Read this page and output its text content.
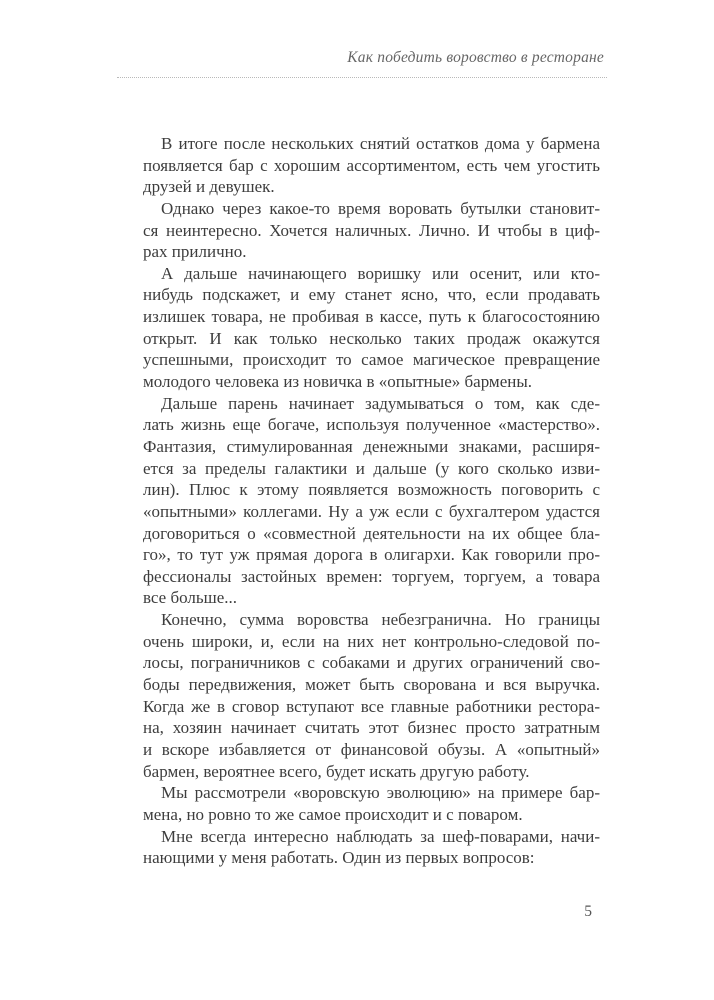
Как победить воровство в ресторане
В итоге после нескольких снятий остатков дома у бармена
появляется бар с хорошим ассортиментом, есть чем угостить
друзей и девушек.
Однако через какое-то время воровать бутылки становит-
ся неинтересно. Хочется наличных. Лично. И чтобы в циф-
рах прилично.
А дальше начинающего воришку или осенит, или кто-
нибудь подскажет, и ему станет ясно, что, если продавать
излишек товара, не пробивая в кассе, путь к благосостоянию
открыт. И как только несколько таких продаж окажутся
успешными, происходит то самое магическое превращение
молодого человека из новичка в «опытные» бармены.
Дальше парень начинает задумываться о том, как сде-
лать жизнь еще богаче, используя полученное «мастерство».
Фантазия, стимулированная денежными знаками, расширя-
ется за пределы галактики и дальше (у кого сколько изви-
лин). Плюс к этому появляется возможность поговорить с
«опытными» коллегами. Ну а уж если с бухгалтером удастся
договориться о «совместной деятельности на их общее бла-
го», то тут уж прямая дорога в олигархи. Как говорили про-
фессионалы застойных времен: торгуем, торгуем, а товара
все больше...
Конечно, сумма воровства небезгранична. Но границы
очень широки, и, если на них нет контрольно-следовой по-
лосы, пограничников с собаками и других ограничений сво-
боды передвижения, может быть сворована и вся выручка.
Когда же в сговор вступают все главные работники рестора-
на, хозяин начинает считать этот бизнес просто затратным
и вскоре избавляется от финансовой обузы. А «опытный»
бармен, вероятнее всего, будет искать другую работу.
Мы рассмотрели «воровскую эволюцию» на примере бар-
мена, но ровно то же самое происходит и с поваром.
Мне всегда интересно наблюдать за шеф-поварами, начи-
нающими у меня работать. Один из первых вопросов:
5
